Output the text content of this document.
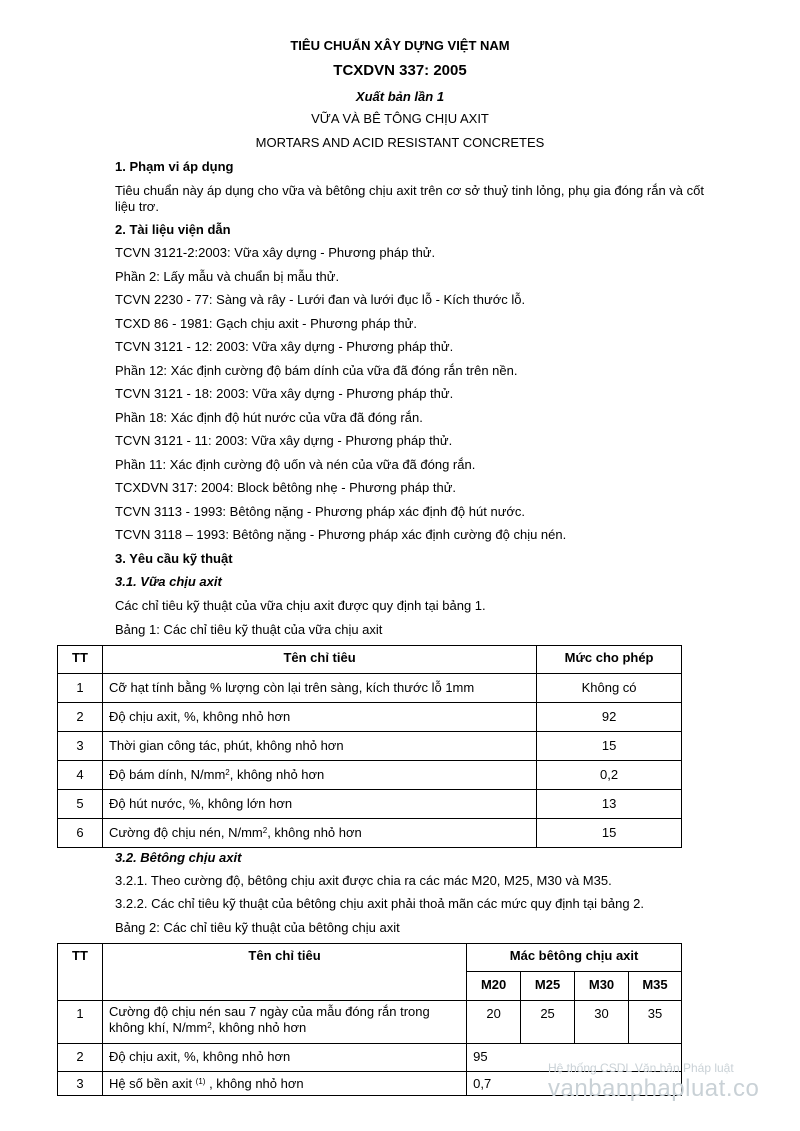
TIÊU CHUẨN XÂY DỰNG VIỆT NAM
TCXDVN 337: 2005
Xuất bản lần 1
VỮA VÀ BÊ TÔNG CHỊU AXIT
MORTARS AND ACID RESISTANT CONCRETES
1. Phạm vi áp dụng
Tiêu chuẩn này áp dụng cho vữa và bêtông chịu axit trên cơ sở thuỷ tinh lỏng, phụ gia đóng rắn và cốt
liệu trơ.
2. Tài liệu viện dẫn
TCVN 3121-2:2003: Vữa xây dựng - Phương pháp thử.
Phần 2: Lấy mẫu và chuẩn bị mẫu thử.
TCVN 2230 - 77: Sàng và rây - Lưới đan và lưới đục lỗ - Kích thước lỗ.
TCXD 86 - 1981: Gạch chịu axit - Phương pháp thử.
TCVN 3121 - 12: 2003: Vữa xây dựng - Phương pháp thử.
Phần 12: Xác định cường độ bám dính của vữa đã đóng rắn trên nền.
TCVN 3121 - 18: 2003: Vữa xây dựng - Phương pháp thử.
Phần 18: Xác định độ hút nước của vữa đã đóng rắn.
TCVN 3121 - 11: 2003: Vữa xây dựng - Phương pháp thử.
Phần 11: Xác định cường độ uốn và nén của vữa đã đóng rắn.
TCXDVN 317: 2004: Block bêtông nhẹ - Phương pháp thử.
TCVN 3113 - 1993: Bêtông nặng - Phương pháp xác định độ hút nước.
TCVN 3118 – 1993: Bêtông nặng - Phương pháp xác định cường độ chịu nén.
3. Yêu cầu kỹ thuật
3.1. Vữa chịu axit
Các chỉ tiêu kỹ thuật của vữa chịu axit được quy định tại bảng 1.
Bảng 1: Các chỉ tiêu kỹ thuật của vữa chịu axit
TT	Tên chỉ tiêu	Mức cho phép
1	Cỡ hạt tính bằng % lượng còn lại trên sàng, kích thước lỗ 1mm	Không có
2	Độ chịu axit, %, không nhỏ hơn	92
3	Thời gian công tác, phút, không nhỏ hơn	15
4	Độ bám dính, $N/mm^2$, không nhỏ hơn	0,2
5	Độ hút nước, %, không lớn hơn	13
6	Cường độ chịu nén, $N/mm^2$, không nhỏ hơn	15
3.2. Bêtông chịu axit
3.2.1. Theo cường độ, bêtông chịu axit được chia ra các mác M20, M25, M30 và M35.
3.2.2. Các chỉ tiêu kỹ thuật của bêtông chịu axit phải thoả mãn các mức quy định tại bảng 2.
Bảng 2: Các chỉ tiêu kỹ thuật của bêtông chịu axit
TT	Tên chỉ tiêu	Mác bêtông chịu axit			
		M20	M25	M30	M35
1	Cường độ chịu nén sau 7 ngày của mẫu đóng rắn trong
không khí, $N/mm^2$, không nhỏ hơn	20	25	30	35
2	Độ chịu axit, %, không nhỏ hơn	95			
3	Hệ số bền axit $^{(1)}$ , không nhỏ hơn	0,7			
Hệ thống CSDL Văn bản Pháp luật
vanbanphapluat.co
